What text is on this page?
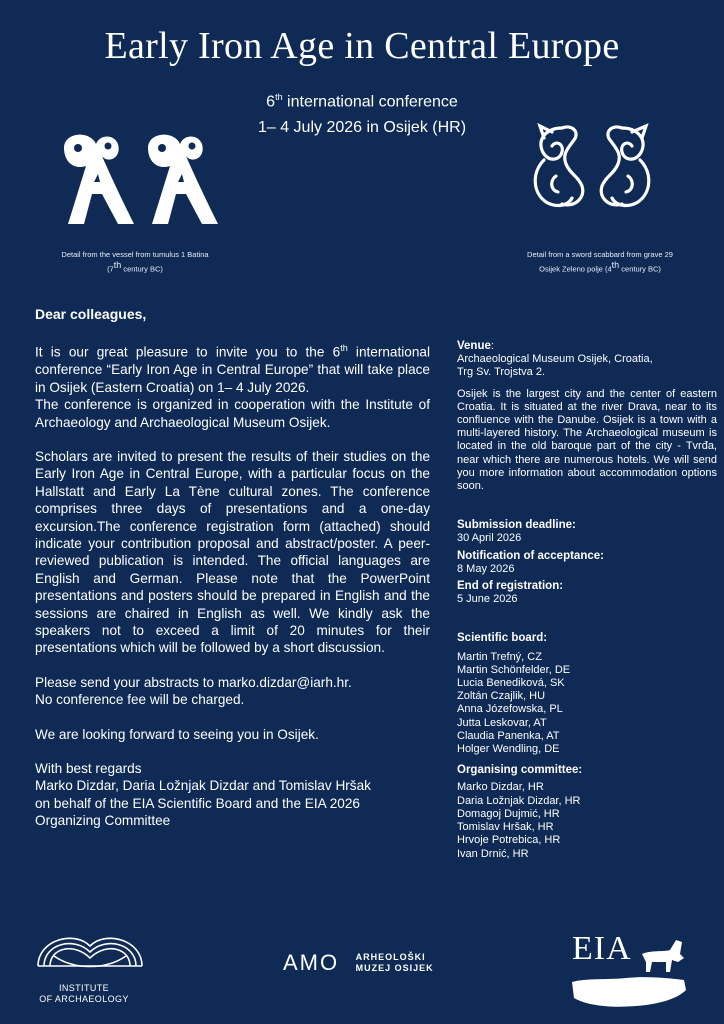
Early Iron Age in Central Europe
6th international conference
1– 4 July 2026 in Osijek (HR)
Detail from the vessel from tumulus 1 Batina
(7th century BC)
Detail from a sword scabbard from grave 29
Osijek Zeleno polje (4th century BC)

Dear colleagues,

It is our great pleasure to invite you to the 6th international conference “Early Iron Age in Central Europe” that will take place in Osijek (Eastern Croatia) on 1– 4 July 2026.

The conference is organized in cooperation with the Institute of Archaeology and Archaeological Museum Osijek.

Scholars are invited to present the results of their studies on the Early Iron Age in Central Europe, with a particular focus on the Hallstatt and Early La Tène cultural zones. The conference comprises three days of presentations and a one-day excursion.The conference registration form (attached) should indicate your contribution proposal and abstract/poster. A peer-reviewed publication is intended. The official languages are English and German. Please note that the PowerPoint presentations and posters should be prepared in English and the sessions are chaired in English as well. We kindly ask the speakers not to exceed a limit of 20 minutes for their presentations which will be followed by a short discussion.

Please send your abstracts to marko.dizdar@iarh.hr.

No conference fee will be charged.

We are looking forward to seeing you in Osijek.

With best regards

Marko Dizdar, Daria Ložnjak Dizdar and Tomislav Hršak

on behalf of the EIA Scientific Board and the EIA 2026

Organizing Committee

Venue:

Archaeological Museum Osijek, Croatia,

Trg Sv. Trojstva 2.

Osijek is the largest city and the center of eastern Croatia. It is situated at the river Drava, near to its confluence with the Danube. Osijek is a town with a multi-layered history. The Archaeological museum is located in the old baroque part of the city - Tvrđa, near which there are numerous hotels. We will send you more information about accommodation options soon.

Submission deadline:

30 April 2026

Notification of acceptance:

8 May 2026

End of registration:

5 June 2026

Scientific board:

Martin Trefný, CZ

Martin Schönfelder, DE

Lucia Benediková, SK

Zoltán Czajlik, HU

Anna Józefowska, PL

Jutta Leskovar, AT

Claudia Panenka, AT

Holger Wendling, DE

Organising committee:

Marko Dizdar, HR

Daria Ložnjak Dizdar, HR

Domagoj Dujmić, HR

Tomislav Hršak, HR

Hrvoje Potrebica, HR

Ivan Drnić, HR

INSTITUTE
OF ARCHAEOLOGY
AMO ARHEOLOŠKI
MUZEJ OSIJEK
EIA
